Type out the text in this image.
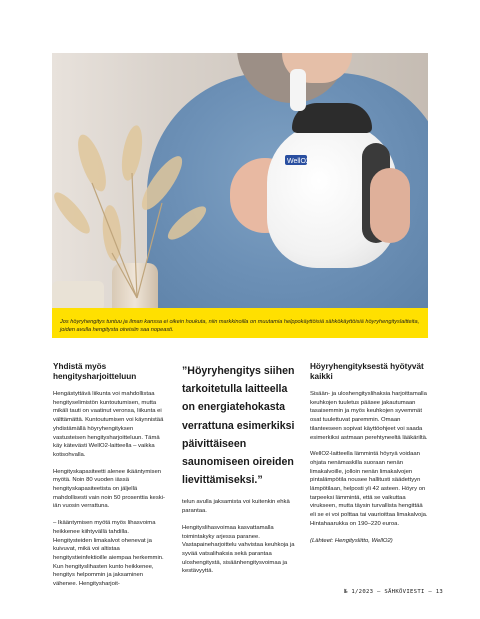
WellO2

Jos höyryhengitys tuntuu ja ilman kanssa ei oikein houkuta, niin markkinoilla on muutamia helppokäyttöisiä sähkökäyttöisiä höyryhengityslaitteita, joiden avulla hengitysta oireisiin saa nopeasti.

Yhdistä myös hengitysharjoitteluun

Hengästyttävä liikunta voi mahdollistaa hengityselimistön kuntoutumisen, mutta mikäli tauti on vaatinut veronsa, liikunta ei välttämättä. Kuntoutumisen voi käynnistää yhdistämällä höyryhengityksen vastusteisen hengitysharjoitteluun. Tämä käy kätevästi WellO2-laitteella – vaikka kotisohvalla.

Hengityskapasiteetti alenee ikääntymisen myötä. Noin 80 vuoden iässä hengityskapasiteetista on jäljellä mahdollisesti vain noin 50 prosenttia keski-iän vuosin verrattuna.

– Ikääntymisen myötä myös lihasvoima heikkenee kiihtyvällä tahdilla. Hengitysteiden limakalvot ohenevat ja kuivuvat, mikä voi altistaa hengitystieinfektioille aiempaa herkemmin. Kun hengityslihasten kunto heikkenee, hengitys helpommin ja jaksaminen vähenee. Hengitysharjoit-

”Höyryhengitys siihen tarkoitetulla laitteella on energiatehokasta verrattuna esimerkiksi päivittäiseen saunomiseen oireiden lievittämiseksi.”

telun avulla jaksamista voi kuitenkin ehkä parantaa.

Hengityslihasvoimaa kasvattamalla toimintakyky arjessa paranee. Vastapaineharjoittelu vahvistaa keuhkoja ja syvää vatsalihaksia sekä parantaa uloshengitystä, sisäänhengitysvoimaa ja kestävyyttä.

Höyryhengityksestä hyötyvät kaikki

Sisään- ja uloshengityslihaksia harjoittamalla keuhkojen tuuletus pääsee jakautumaan tasaisemmin ja myös keuhkojen syvemmät osat tuulettuvat paremmin. Omaan tilanteeseen sopivat käyttöohjeet voi saada esimerkiksi astmaan perehtyneeltä lääkäriltä.

WellO2-laitteella lämmintä höyryä voidaan ohjata nenämaskilla suoraan nenän limakalvoille, jolloin nenän limakalvojen pintalämpötila nousee hallitusti säädettyyn lämpötilaan, helposti yli 42 asteen. Höyry on tarpeeksi lämmintä, että se vaikuttaa virukseen, mutta täysin turvallista hengittää eli se ei voi polttaa tai vaurioittaa limakalvoja. Hintahaarukka on 190–220 euroa.

(Lähteet: Hengitysliitto, WellO2)

№ 1/2023 — SÄHKÖVIESTI — 13
